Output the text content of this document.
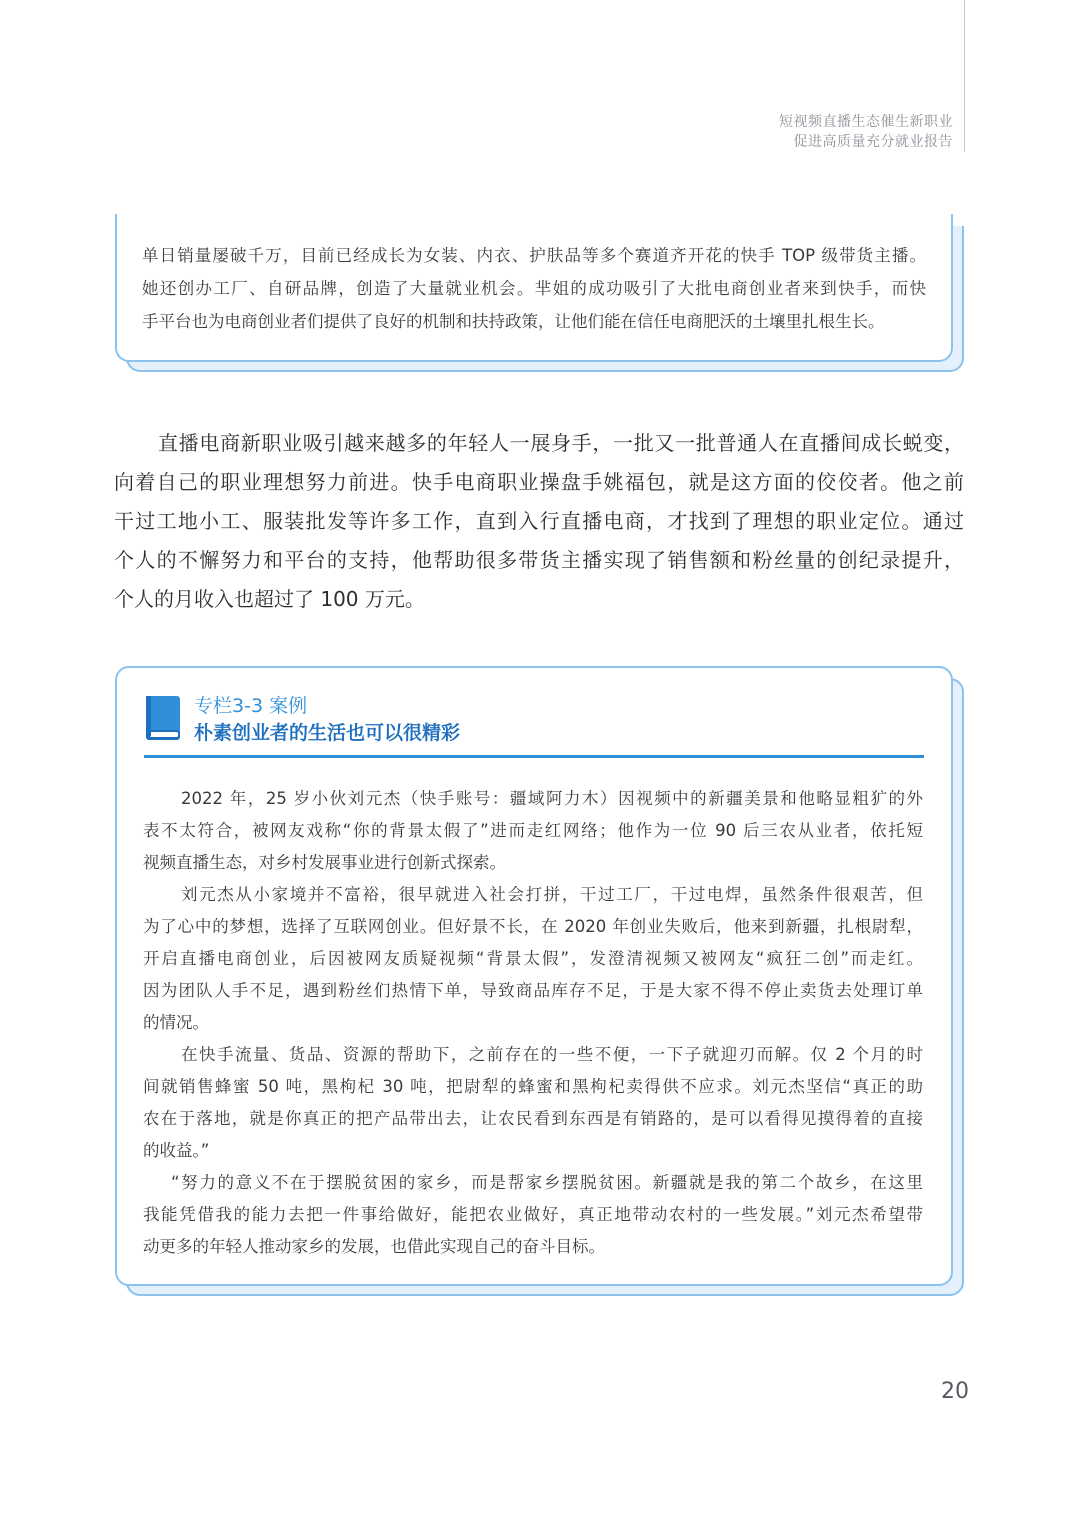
短视频直播生态催生新职业
促进高质量充分就业报告

单日销量屡破千万，目前已经成长为女装、内衣、护肤品等多个赛道齐开花的快手 TOP 级带货主播。

她还创办工厂、自研品牌，创造了大量就业机会。芈姐的成功吸引了大批电商创业者来到快手，而快

手平台也为电商创业者们提供了良好的机制和扶持政策，让他们能在信任电商肥沃的土壤里扎根生长。

直播电商新职业吸引越来越多的年轻人一展身手，一批又一批普通人在直播间成长蜕变，

向着自己的职业理想努力前进。快手电商职业操盘手姚福包，就是这方面的佼佼者。他之前

干过工地小工、服装批发等许多工作，直到入行直播电商，才找到了理想的职业定位。通过

个人的不懈努力和平台的支持，他帮助很多带货主播实现了销售额和粉丝量的创纪录提升，

个人的月收入也超过了 100 万元。

专栏3-3 案例
朴素创业者的生活也可以很精彩

2022 年，25 岁小伙刘元杰（快手账号：疆域阿力木）因视频中的新疆美景和他略显粗犷的外

表不太符合，被网友戏称“你的背景太假了”进而走红网络；他作为一位 90 后三农从业者，依托短

视频直播生态，对乡村发展事业进行创新式探索。

刘元杰从小家境并不富裕，很早就进入社会打拼，干过工厂，干过电焊，虽然条件很艰苦，但

为了心中的梦想，选择了互联网创业。但好景不长，在 2020 年创业失败后，他来到新疆，扎根尉犁，

开启直播电商创业，后因被网友质疑视频“背景太假”，发澄清视频又被网友“疯狂二创”而走红。

因为团队人手不足，遇到粉丝们热情下单，导致商品库存不足，于是大家不得不停止卖货去处理订单

的情况。

在快手流量、货品、资源的帮助下，之前存在的一些不便，一下子就迎刃而解。仅 2 个月的时

间就销售蜂蜜 50 吨，黑枸杞 30 吨，把尉犁的蜂蜜和黑枸杞卖得供不应求。刘元杰坚信“真正的助

农在于落地，就是你真正的把产品带出去，让农民看到东西是有销路的，是可以看得见摸得着的直接

的收益。”

“努力的意义不在于摆脱贫困的家乡，而是帮家乡摆脱贫困。新疆就是我的第二个故乡，在这里

我能凭借我的能力去把一件事给做好，能把农业做好，真正地带动农村的一些发展。”刘元杰希望带

动更多的年轻人推动家乡的发展，也借此实现自己的奋斗目标。

20
